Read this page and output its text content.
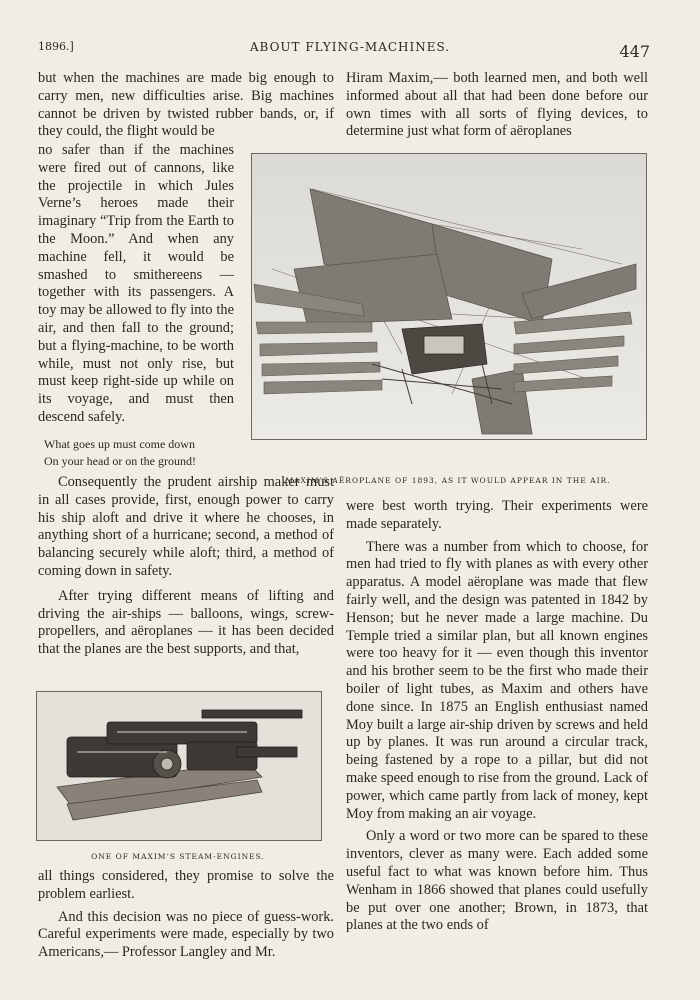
1896.]	ABOUT FLYING-MACHINES.	447

but when the machines are made big enough to carry men, new difficulties arise. Big machines cannot be driven by twisted rubber bands, or, if they could, the flight would be

no safer than if the machines were fired out of cannons, like the projectile in which Jules Verne’s heroes made their imaginary “Trip from the Earth to the Moon.” And when any machine fell, it would be smashed to smithereens — together with its passengers. A toy may be allowed to fly into the air, and then fall to the ground; but a flying-machine, to be worth while, must not only rise, but must keep right-side up while on its voyage, and must then descend safely.

What goes up must come down
On your head or on the ground!

Hiram Maxim,— both learned men, and both well informed about all that had been done before our own times with all sorts of flying devices, to determine just what form of aëroplanes

MAXIM’S AËROPLANE OF 1893, AS IT WOULD APPEAR IN THE AIR.

Consequently the prudent airship maker must in all cases provide, first, enough power to carry his ship aloft and drive it where he chooses, in anything short of a hurricane; second, a method of balancing securely while aloft; third, a method of coming down in safety.

After trying different means of lifting and driving the air-ships — balloons, wings, screw-propellers, and aëroplanes — it has been decided that the planes are the best supports, and that,

ONE OF MAXIM’S STEAM-ENGINES.

all things considered, they promise to solve the problem earliest.

And this decision was no piece of guess-work. Careful experiments were made, especially by two Americans,— Professor Langley and Mr.

were best worth trying. Their experiments were made separately.

There was a number from which to choose, for men had tried to fly with planes as with every other apparatus. A model aëroplane was made that flew fairly well, and the design was patented in 1842 by Henson; but he never made a large machine. Du Temple tried a similar plan, but all known engines were too heavy for it — even though this inventor and his brother seem to be the first who made their boiler of light tubes, as Maxim and others have done since. In 1875 an English enthusiast named Moy built a large air-ship driven by screws and held up by planes. It was run around a circular track, being fastened by a rope to a pillar, but did not make speed enough to rise from the ground. Lack of power, which came partly from lack of money, kept Moy from making an air voyage.

Only a word or two more can be spared to these inventors, clever as many were. Each added some useful fact to what was known before him. Thus Wenham in 1866 showed that planes could usefully be put over one another; Brown, in 1873, that planes at the two ends of
